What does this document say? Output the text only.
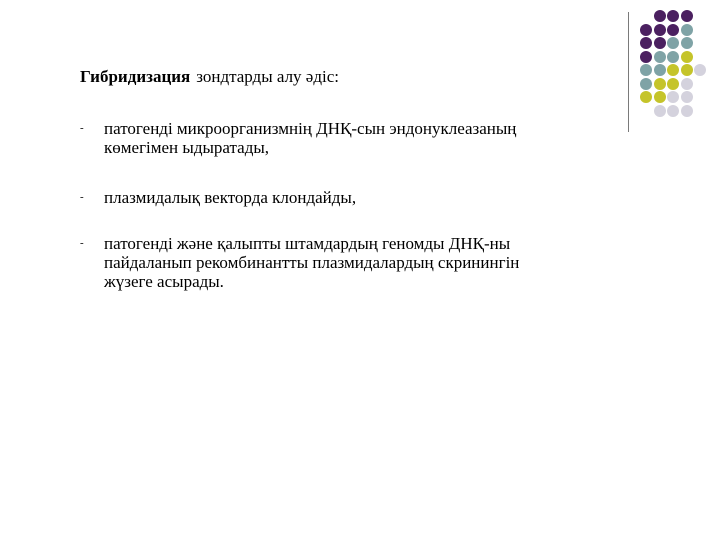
Гибридизация зондтарды алу әдіс:
- патогенді микроорганизмнің ДНҚ-сын эндонуклеазаның
көмегімен ыдыратады,
- плазмидалық векторда клондайды,
- патогенді және қалыпты штамдардың геномды ДНҚ-ны
пайдаланып рекомбинантты плазмидалардың скринингін
жүзеге асырады.
